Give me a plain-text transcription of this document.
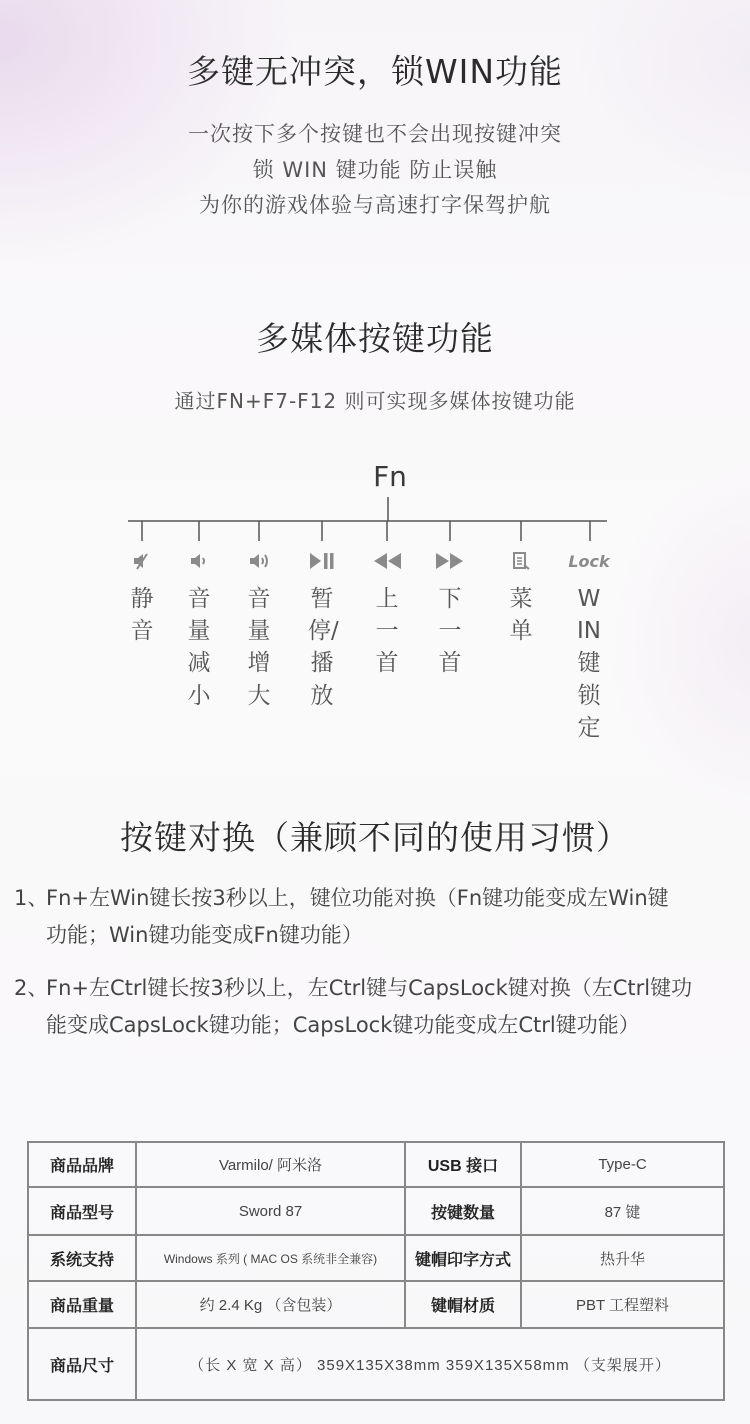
多键无冲突，锁WIN功能
一次按下多个按键也不会出现按键冲突
锁 WIN 键功能 防止误触
为你的游戏体验与高速打字保驾护航
多媒体按键功能
通过FN+F7-F12 则可实现多媒体按键功能
Fn
静音
音量减小
音量增大
暂停/播放
上一首
下一首
菜单
Lock
WIN键锁定
按键对换（兼顾不同的使用习惯）
1、Fn+左Win键长按3秒以上，键位功能对换（Fn键功能变成左Win键
功能；Win键功能变成Fn键功能）
2、Fn+左Ctrl键长按3秒以上，左Ctrl键与CapsLock键对换（左Ctrl键功
能变成CapsLock键功能；CapsLock键功能变成左Ctrl键功能）
商品品牌	Varmilo/ 阿米洛	USB 接口	Type-C
商品型号	Sword 87	按键数量	87 键
系统支持	Windows 系列 ( MAC OS 系统非全兼容)	键帽印字方式	热升华
商品重量	约 2.4 Kg （含包装）	键帽材质	PBT 工程塑料
商品尺寸	（长 X 宽 X 高） 359X135X38mm 359X135X58mm （支架展开）		
